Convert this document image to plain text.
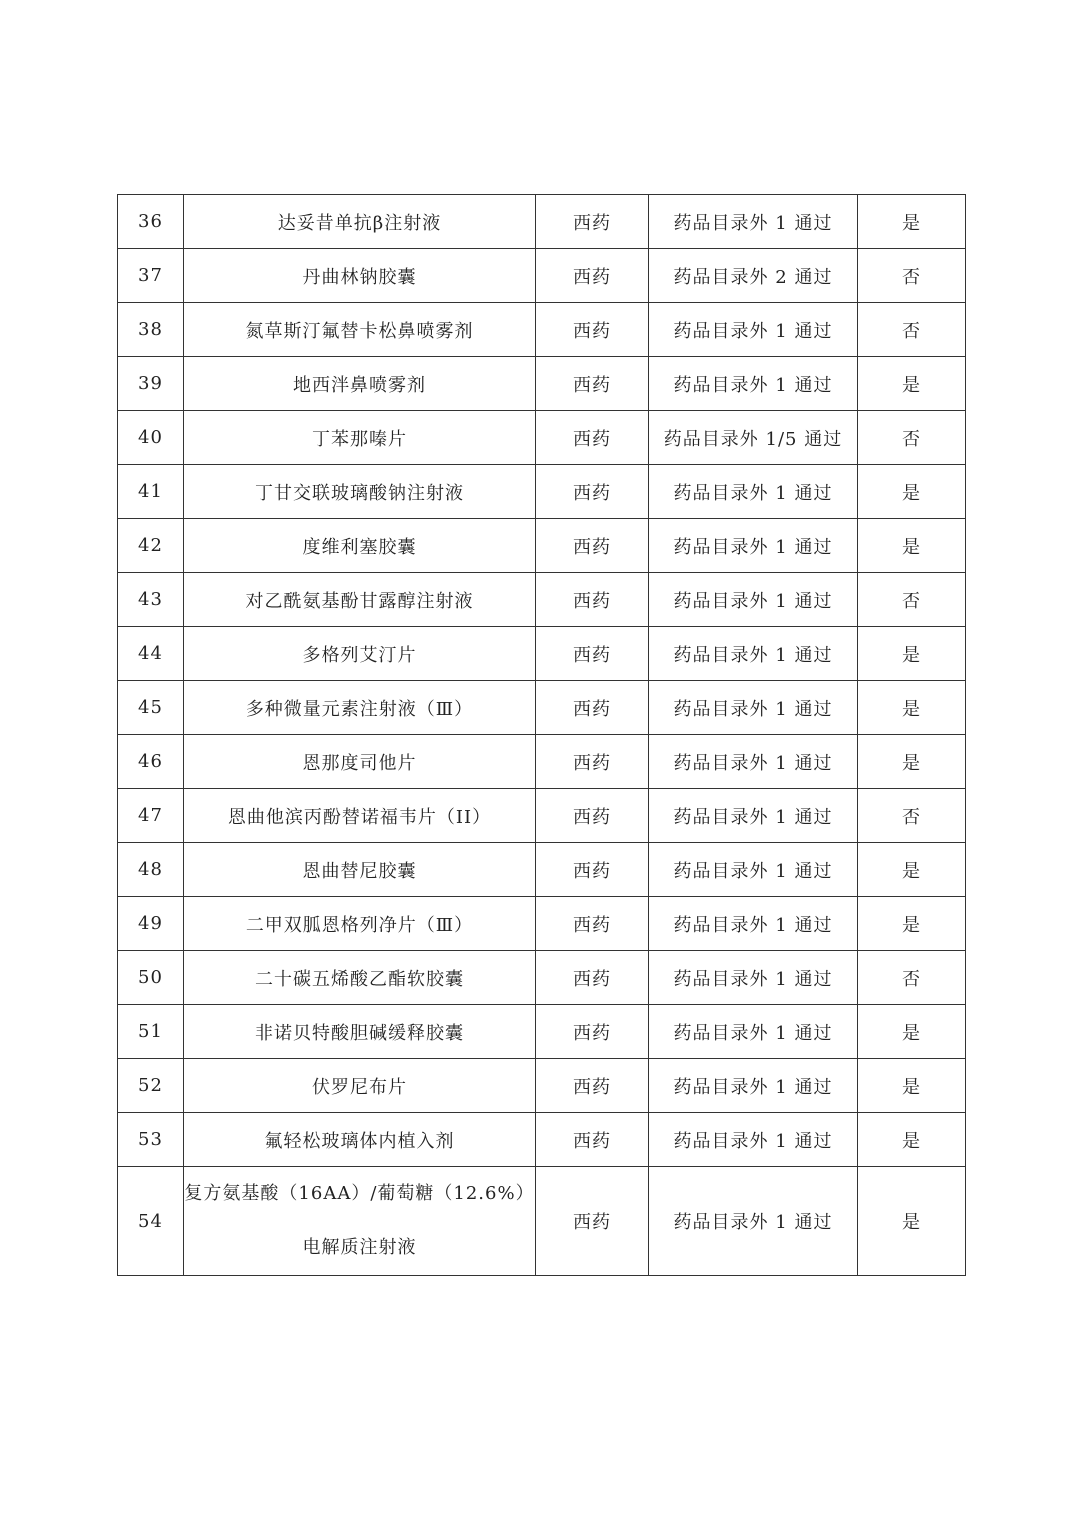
36	达妥昔单抗β注射液	西药	药品目录外 1 通过	是
37	丹曲林钠胶囊	西药	药品目录外 2 通过	否
38	氮草斯汀氟替卡松鼻喷雾剂	西药	药品目录外 1 通过	否
39	地西泮鼻喷雾剂	西药	药品目录外 1 通过	是
40	丁苯那嗪片	西药	药品目录外 1/5 通过	否
41	丁甘交联玻璃酸钠注射液	西药	药品目录外 1 通过	是
42	度维利塞胶囊	西药	药品目录外 1 通过	是
43	对乙酰氨基酚甘露醇注射液	西药	药品目录外 1 通过	否
44	多格列艾汀片	西药	药品目录外 1 通过	是
45	多种微量元素注射液（Ⅲ）	西药	药品目录外 1 通过	是
46	恩那度司他片	西药	药品目录外 1 通过	是
47	恩曲他滨丙酚替诺福韦片（II）	西药	药品目录外 1 通过	否
48	恩曲替尼胶囊	西药	药品目录外 1 通过	是
49	二甲双胍恩格列净片（Ⅲ）	西药	药品目录外 1 通过	是
50	二十碳五烯酸乙酯软胶囊	西药	药品目录外 1 通过	否
51	非诺贝特酸胆碱缓释胶囊	西药	药品目录外 1 通过	是
52	伏罗尼布片	西药	药品目录外 1 通过	是
53	氟轻松玻璃体内植入剂	西药	药品目录外 1 通过	是
54	复方氨基酸（16AA）/葡萄糖（12.6%）
电解质注射液	西药	药品目录外 1 通过	是
